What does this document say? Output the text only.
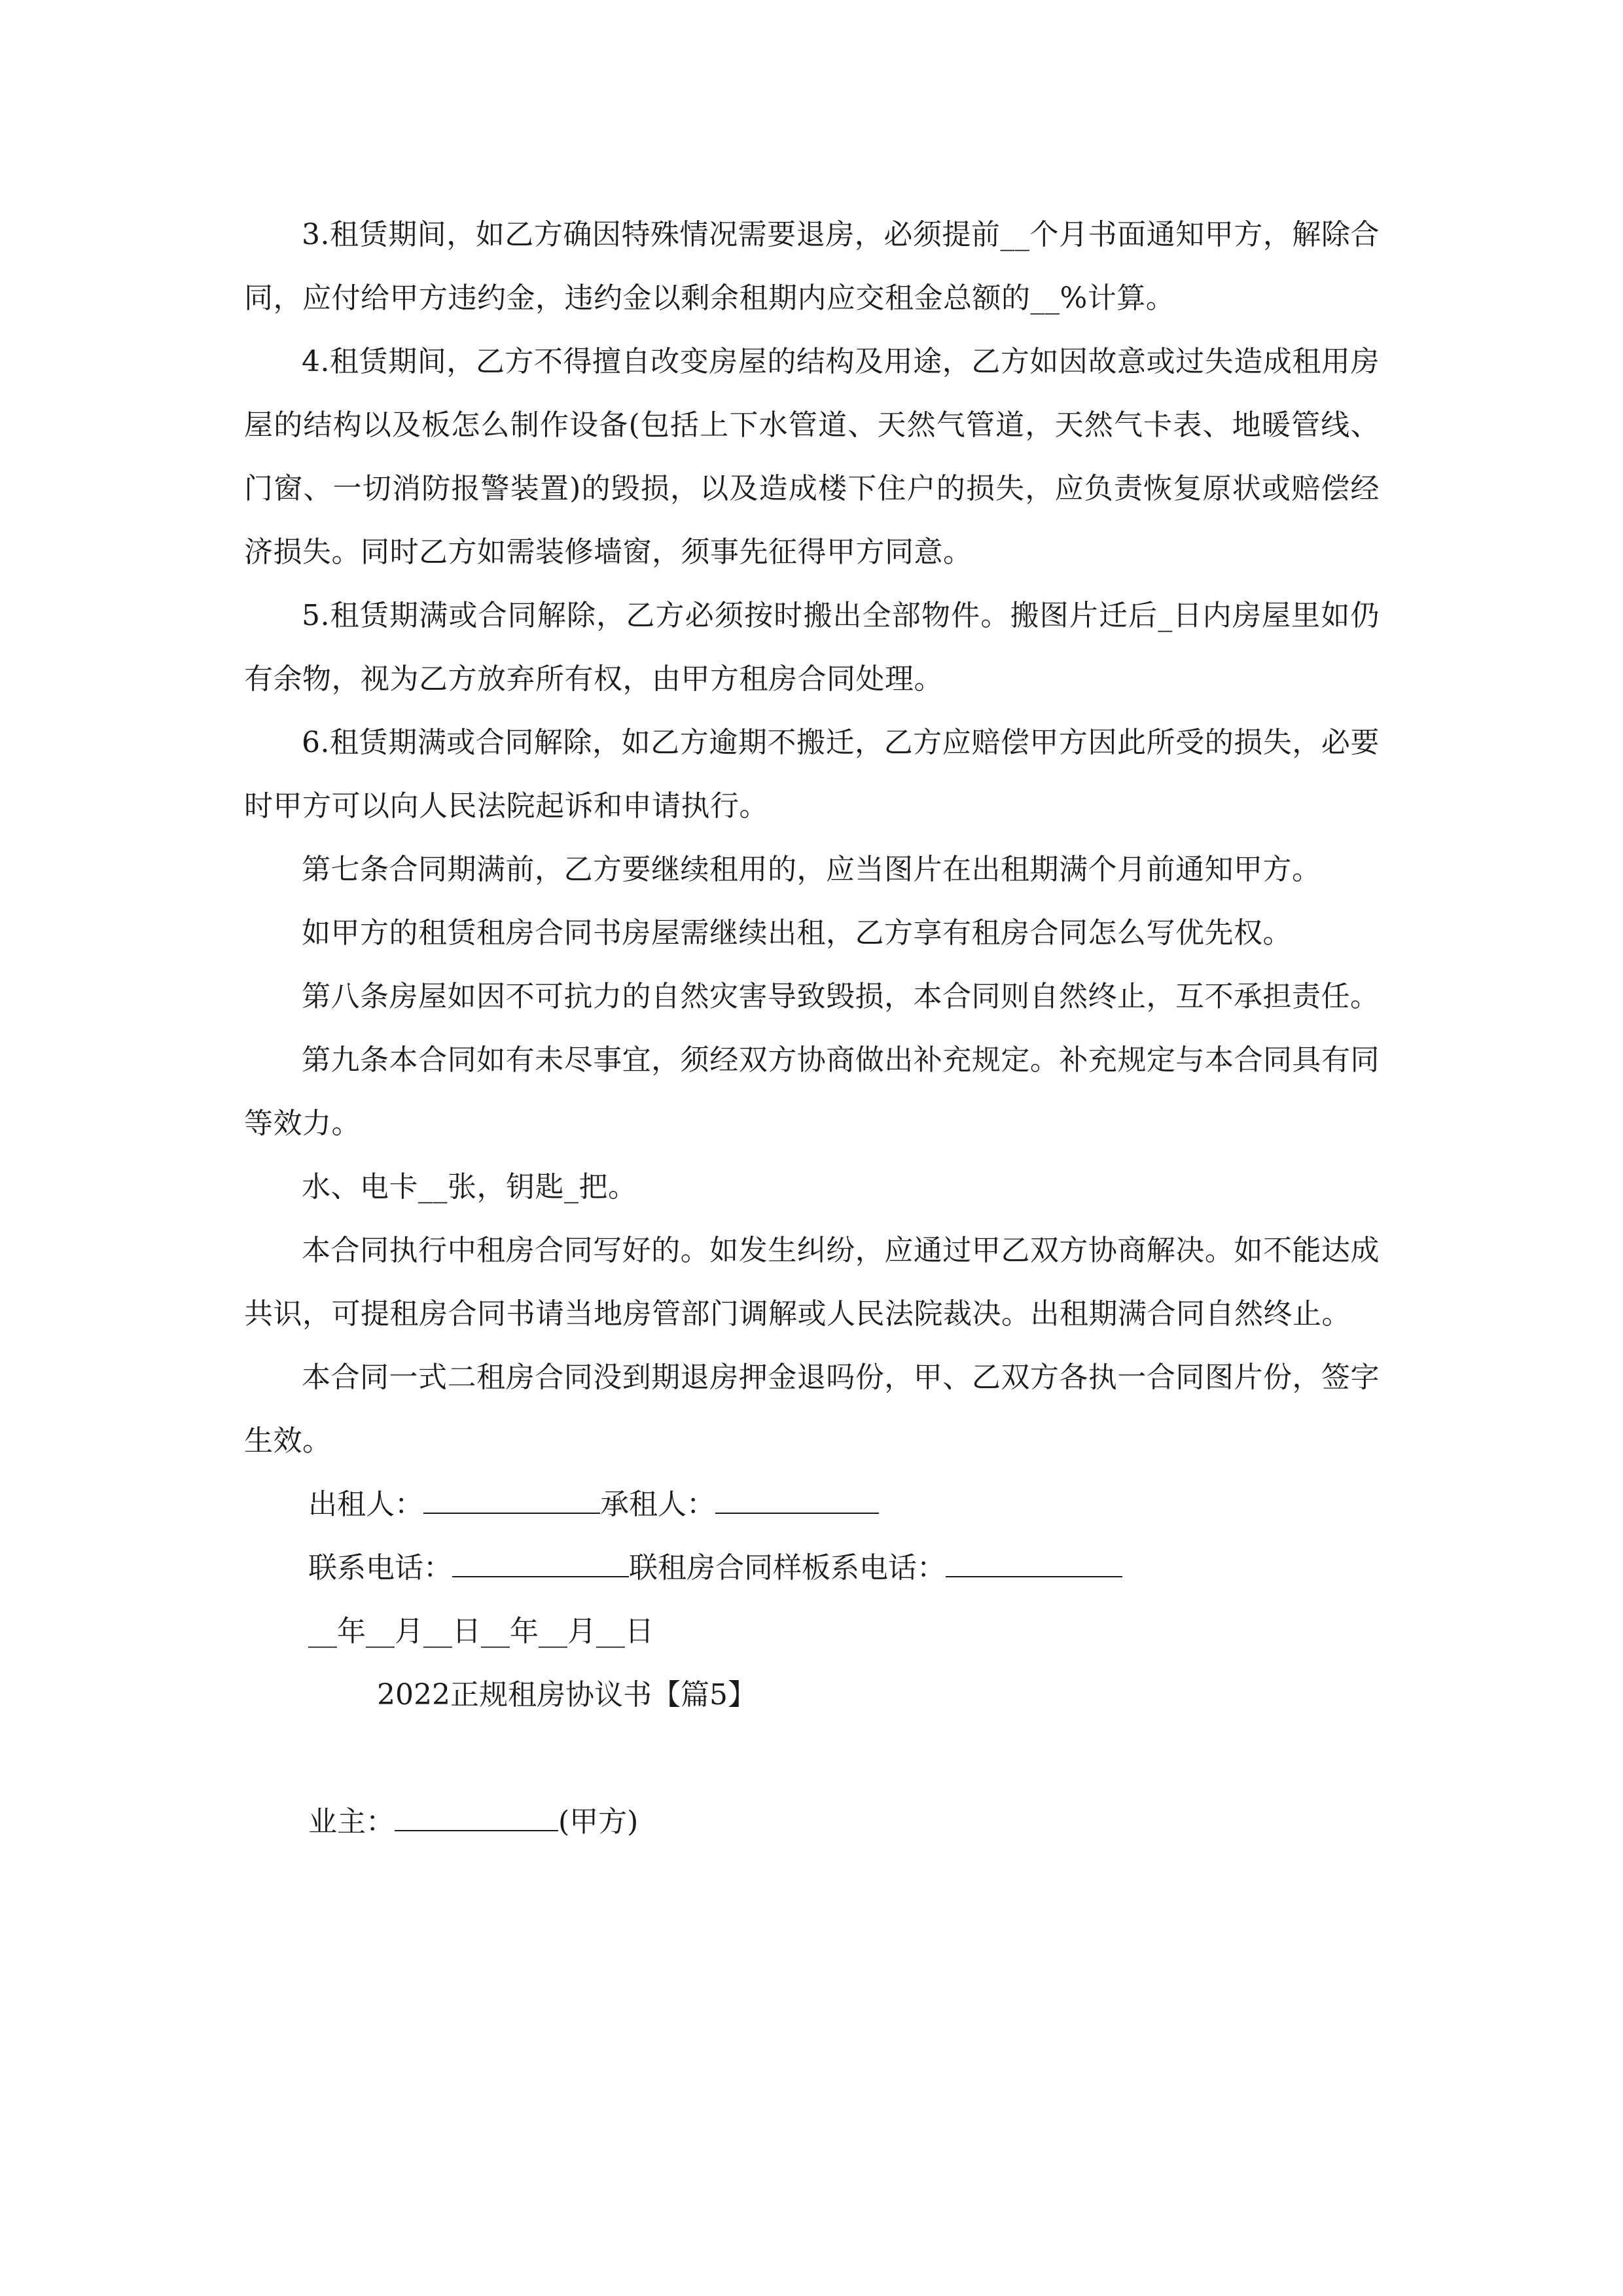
3.租赁期间，如乙方确因特殊情况需要退房，必须提前__个月书面通知甲方，解除合同，应付给甲方违约金，违约金以剩余租期内应交租金总额的__%计算。

4.租赁期间，乙方不得擅自改变房屋的结构及用途，乙方如因故意或过失造成租用房屋的结构以及板怎么制作设备(包括上下水管道、天然气管道，天然气卡表、地暖管线、门窗、一切消防报警装置)的毁损，以及造成楼下住户的损失，应负责恢复原状或赔偿经济损失。同时乙方如需装修墙窗，须事先征得甲方同意。

5.租赁期满或合同解除，乙方必须按时搬出全部物件。搬图片迁后_日内房屋里如仍有余物，视为乙方放弃所有权，由甲方租房合同处理。

6.租赁期满或合同解除，如乙方逾期不搬迁，乙方应赔偿甲方因此所受的损失，必要时甲方可以向人民法院起诉和申请执行。

第七条合同期满前，乙方要继续租用的，应当图片在出租期满个月前通知甲方。

如甲方的租赁租房合同书房屋需继续出租，乙方享有租房合同怎么写优先权。

第八条房屋如因不可抗力的自然灾害导致毁损，本合同则自然终止，互不承担责任。

第九条本合同如有未尽事宜，须经双方协商做出补充规定。补充规定与本合同具有同等效力。

水、电卡__张，钥匙_把。

本合同执行中租房合同写好的。如发生纠纷，应通过甲乙双方协商解决。如不能达成共识，可提租房合同书请当地房管部门调解或人民法院裁决。出租期满合同自然终止。

本合同一式二租房合同没到期退房押金退吗份，甲、乙双方各执一合同图片份，签字生效。

出租人：	承租人：

联系电话：	联租房合同样板系电话：

__年__月__日__年__月__日

2022正规租房协议书【篇5】

业主：	(甲方)
